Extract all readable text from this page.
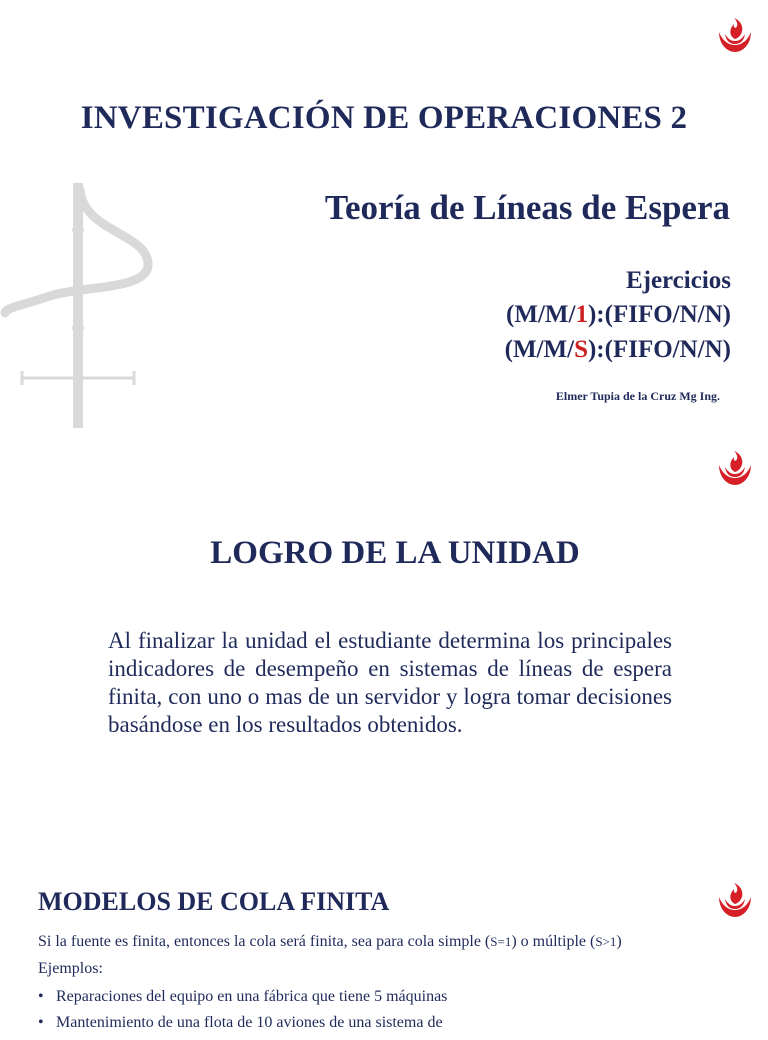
INVESTIGACIÓN DE OPERACIONES 2
Teoría de Líneas de Espera
Ejercicios
(M/M/1):(FIFO/N/N)
(M/M/S):(FIFO/N/N)
Elmer Tupia de la Cruz Mg Ing.
LOGRO DE LA UNIDAD
Al finalizar la unidad el estudiante determina los principales indicadores de desempeño en sistemas de líneas de espera finita, con uno o mas de un servidor y logra tomar decisiones basándose en los resultados obtenidos.
MODELOS DE COLA FINITA
Si la fuente es finita, entonces la cola será finita, sea para cola simple (S=1) o múltiple (S>1)
Ejemplos:
• Reparaciones del equipo en una fábrica que tiene 5 máquinas
• Mantenimiento de una flota de 10 aviones de una sistema de
